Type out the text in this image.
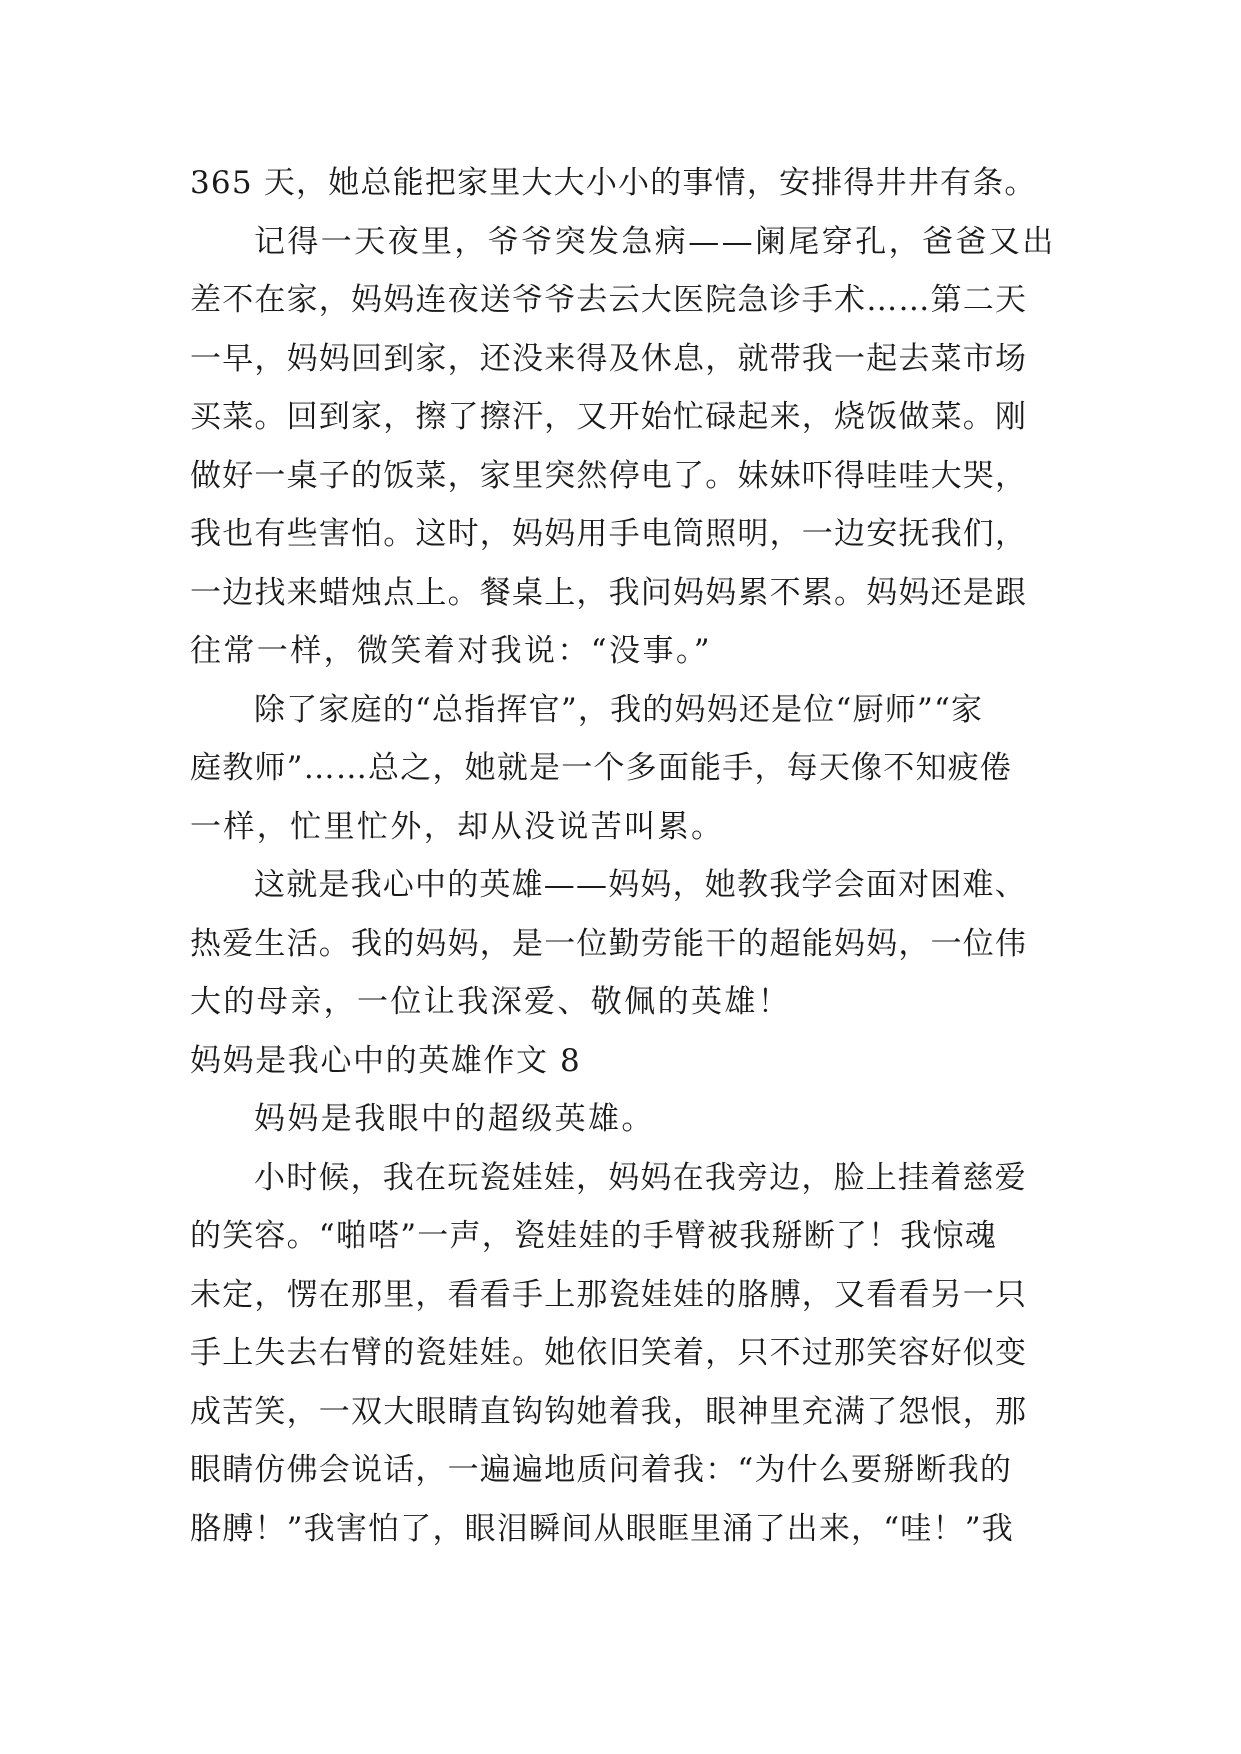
365 天，她总能把家里大大小小的事情，安排得井井有条。
记得一天夜里，爷爷突发急病——阑尾穿孔，爸爸又出
差不在家，妈妈连夜送爷爷去云大医院急诊手术……第二天
一早，妈妈回到家，还没来得及休息，就带我一起去菜市场
买菜。回到家，擦了擦汗，又开始忙碌起来，烧饭做菜。刚
做好一桌子的饭菜，家里突然停电了。妹妹吓得哇哇大哭，
我也有些害怕。这时，妈妈用手电筒照明，一边安抚我们，
一边找来蜡烛点上。餐桌上，我问妈妈累不累。妈妈还是跟
往常一样，微笑着对我说：“没事。”
除了家庭的“总指挥官”，我的妈妈还是位“厨师”“家
庭教师”……总之，她就是一个多面能手，每天像不知疲倦
一样，忙里忙外，却从没说苦叫累。
这就是我心中的英雄——妈妈，她教我学会面对困难、
热爱生活。我的妈妈，是一位勤劳能干的超能妈妈，一位伟
大的母亲，一位让我深爱、敬佩的英雄！
妈妈是我心中的英雄作文 8
妈妈是我眼中的超级英雄。
小时候，我在玩瓷娃娃，妈妈在我旁边，脸上挂着慈爱
的笑容。“啪嗒”一声，瓷娃娃的手臂被我掰断了！我惊魂
未定，愣在那里，看看手上那瓷娃娃的胳膊，又看看另一只
手上失去右臂的瓷娃娃。她依旧笑着，只不过那笑容好似变
成苦笑，一双大眼睛直钩钩她着我，眼神里充满了怨恨，那
眼睛仿佛会说话，一遍遍地质问着我：“为什么要掰断我的
胳膊！”我害怕了，眼泪瞬间从眼眶里涌了出来，“哇！”我
